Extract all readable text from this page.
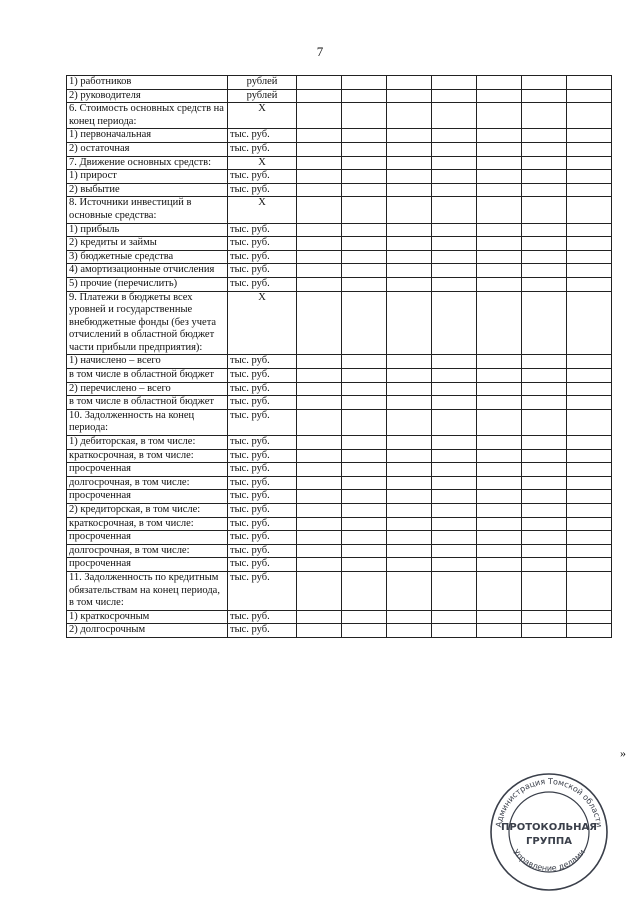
7
1) работников	рублей							
2) руководителя	рублей							
6. Стоимость основных средств на конец периода:	X							
1) первоначальная	тыс. руб.							
2) остаточная	тыс. руб.							
7. Движение основных средств:	X							
1) прирост	тыс. руб.							
2) выбытие	тыс. руб.							
8. Источники инвестиций в основные средства:	X							
1) прибыль	тыс. руб.							
2) кредиты и займы	тыс. руб.							
3) бюджетные средства	тыс. руб.							
4) амортизационные отчисления	тыс. руб.							
5) прочие (перечислить)	тыс. руб.							
9. Платежи в бюджеты всех уровней и государственные внебюджетные фонды (без учета отчислений в областной бюджет части прибыли предприятия):	X							
1) начислено – всего	тыс. руб.							
в том числе в областной бюджет	тыс. руб.							
2) перечислено – всего	тыс. руб.							
в том числе в областной бюджет	тыс. руб.							
10. Задолженность на конец периода:	тыс. руб.							
1) дебиторская, в том числе:	тыс. руб.							
краткосрочная, в том числе:	тыс. руб.							
просроченная	тыс. руб.							
долгосрочная, в том числе:	тыс. руб.							
просроченная	тыс. руб.							
2) кредиторская, в том числе:	тыс. руб.							
краткосрочная, в том числе:	тыс. руб.							
просроченная	тыс. руб.							
долгосрочная, в том числе:	тыс. руб.							
просроченная	тыс. руб.							
11. Задолженность по кредитным обязательствам на конец периода, в том числе:	тыс. руб.							
1) краткосрочным	тыс. руб.							
2) долгосрочным	тыс. руб.							
»
Администрация Томской области
Управление делами
ПРОТОКОЛЬНАЯ
ГРУППА
